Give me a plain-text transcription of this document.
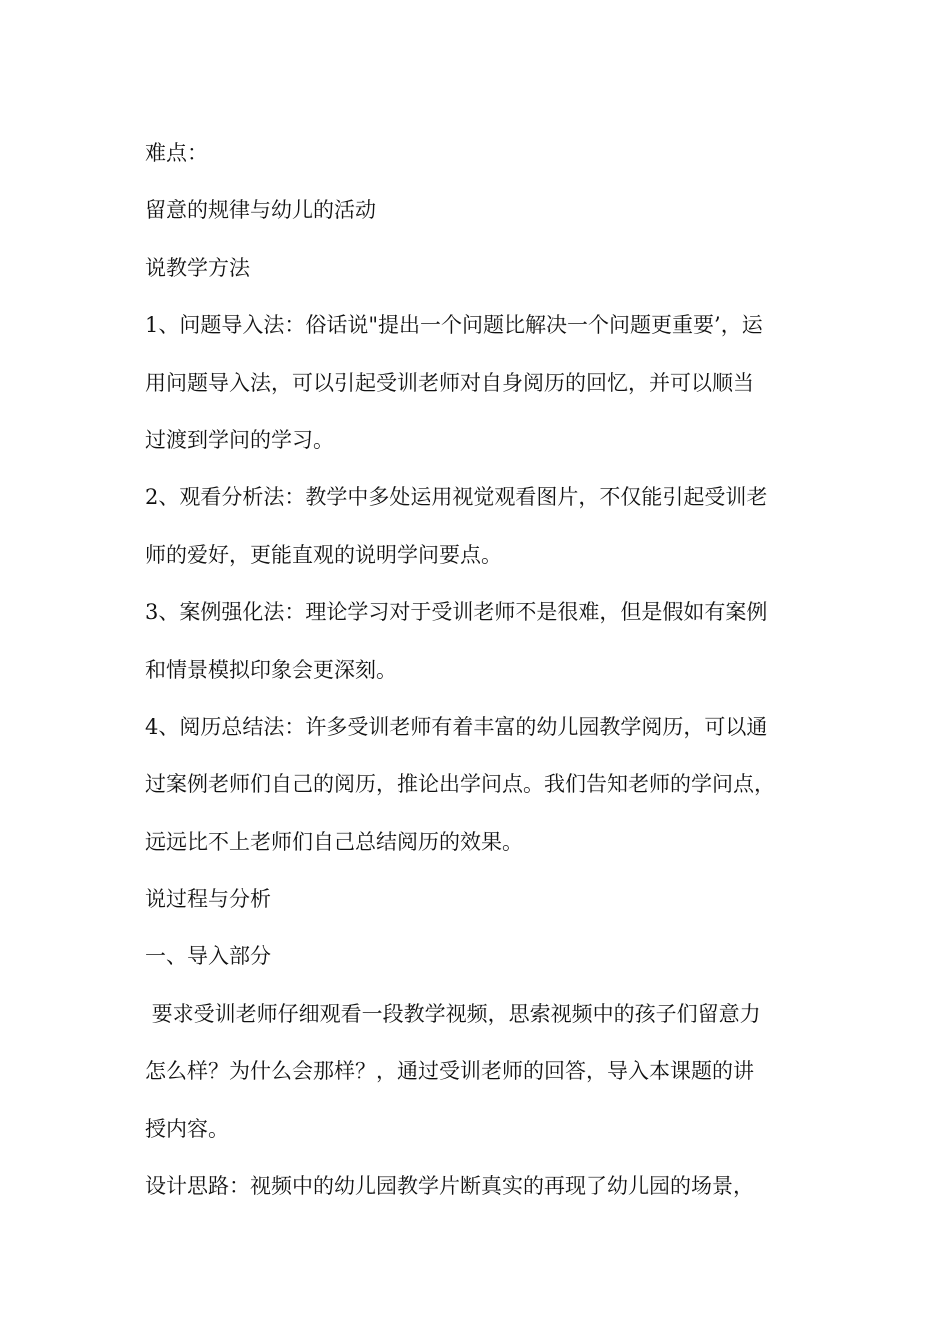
难点：
留意的规律与幼儿的活动
说教学方法
1、问题导入法：俗话说"提出一个问题比解决一个问题更重要’，运
用问题导入法，可以引起受训老师对自身阅历的回忆，并可以顺当
过渡到学问的学习。
2、观看分析法：教学中多处运用视觉观看图片，不仅能引起受训老
师的爱好，更能直观的说明学问要点。
3、案例强化法：理论学习对于受训老师不是很难，但是假如有案例
和情景模拟印象会更深刻。
4、阅历总结法：许多受训老师有着丰富的幼儿园教学阅历，可以通
过案例老师们自己的阅历，推论出学问点。我们告知老师的学问点，
远远比不上老师们自己总结阅历的效果。
说过程与分析
一、导入部分
要求受训老师仔细观看一段教学视频，思索视频中的孩子们留意力
怎么样？为什么会那样？，通过受训老师的回答，导入本课题的讲
授内容。
设计思路：视频中的幼儿园教学片断真实的再现了幼儿园的场景，
